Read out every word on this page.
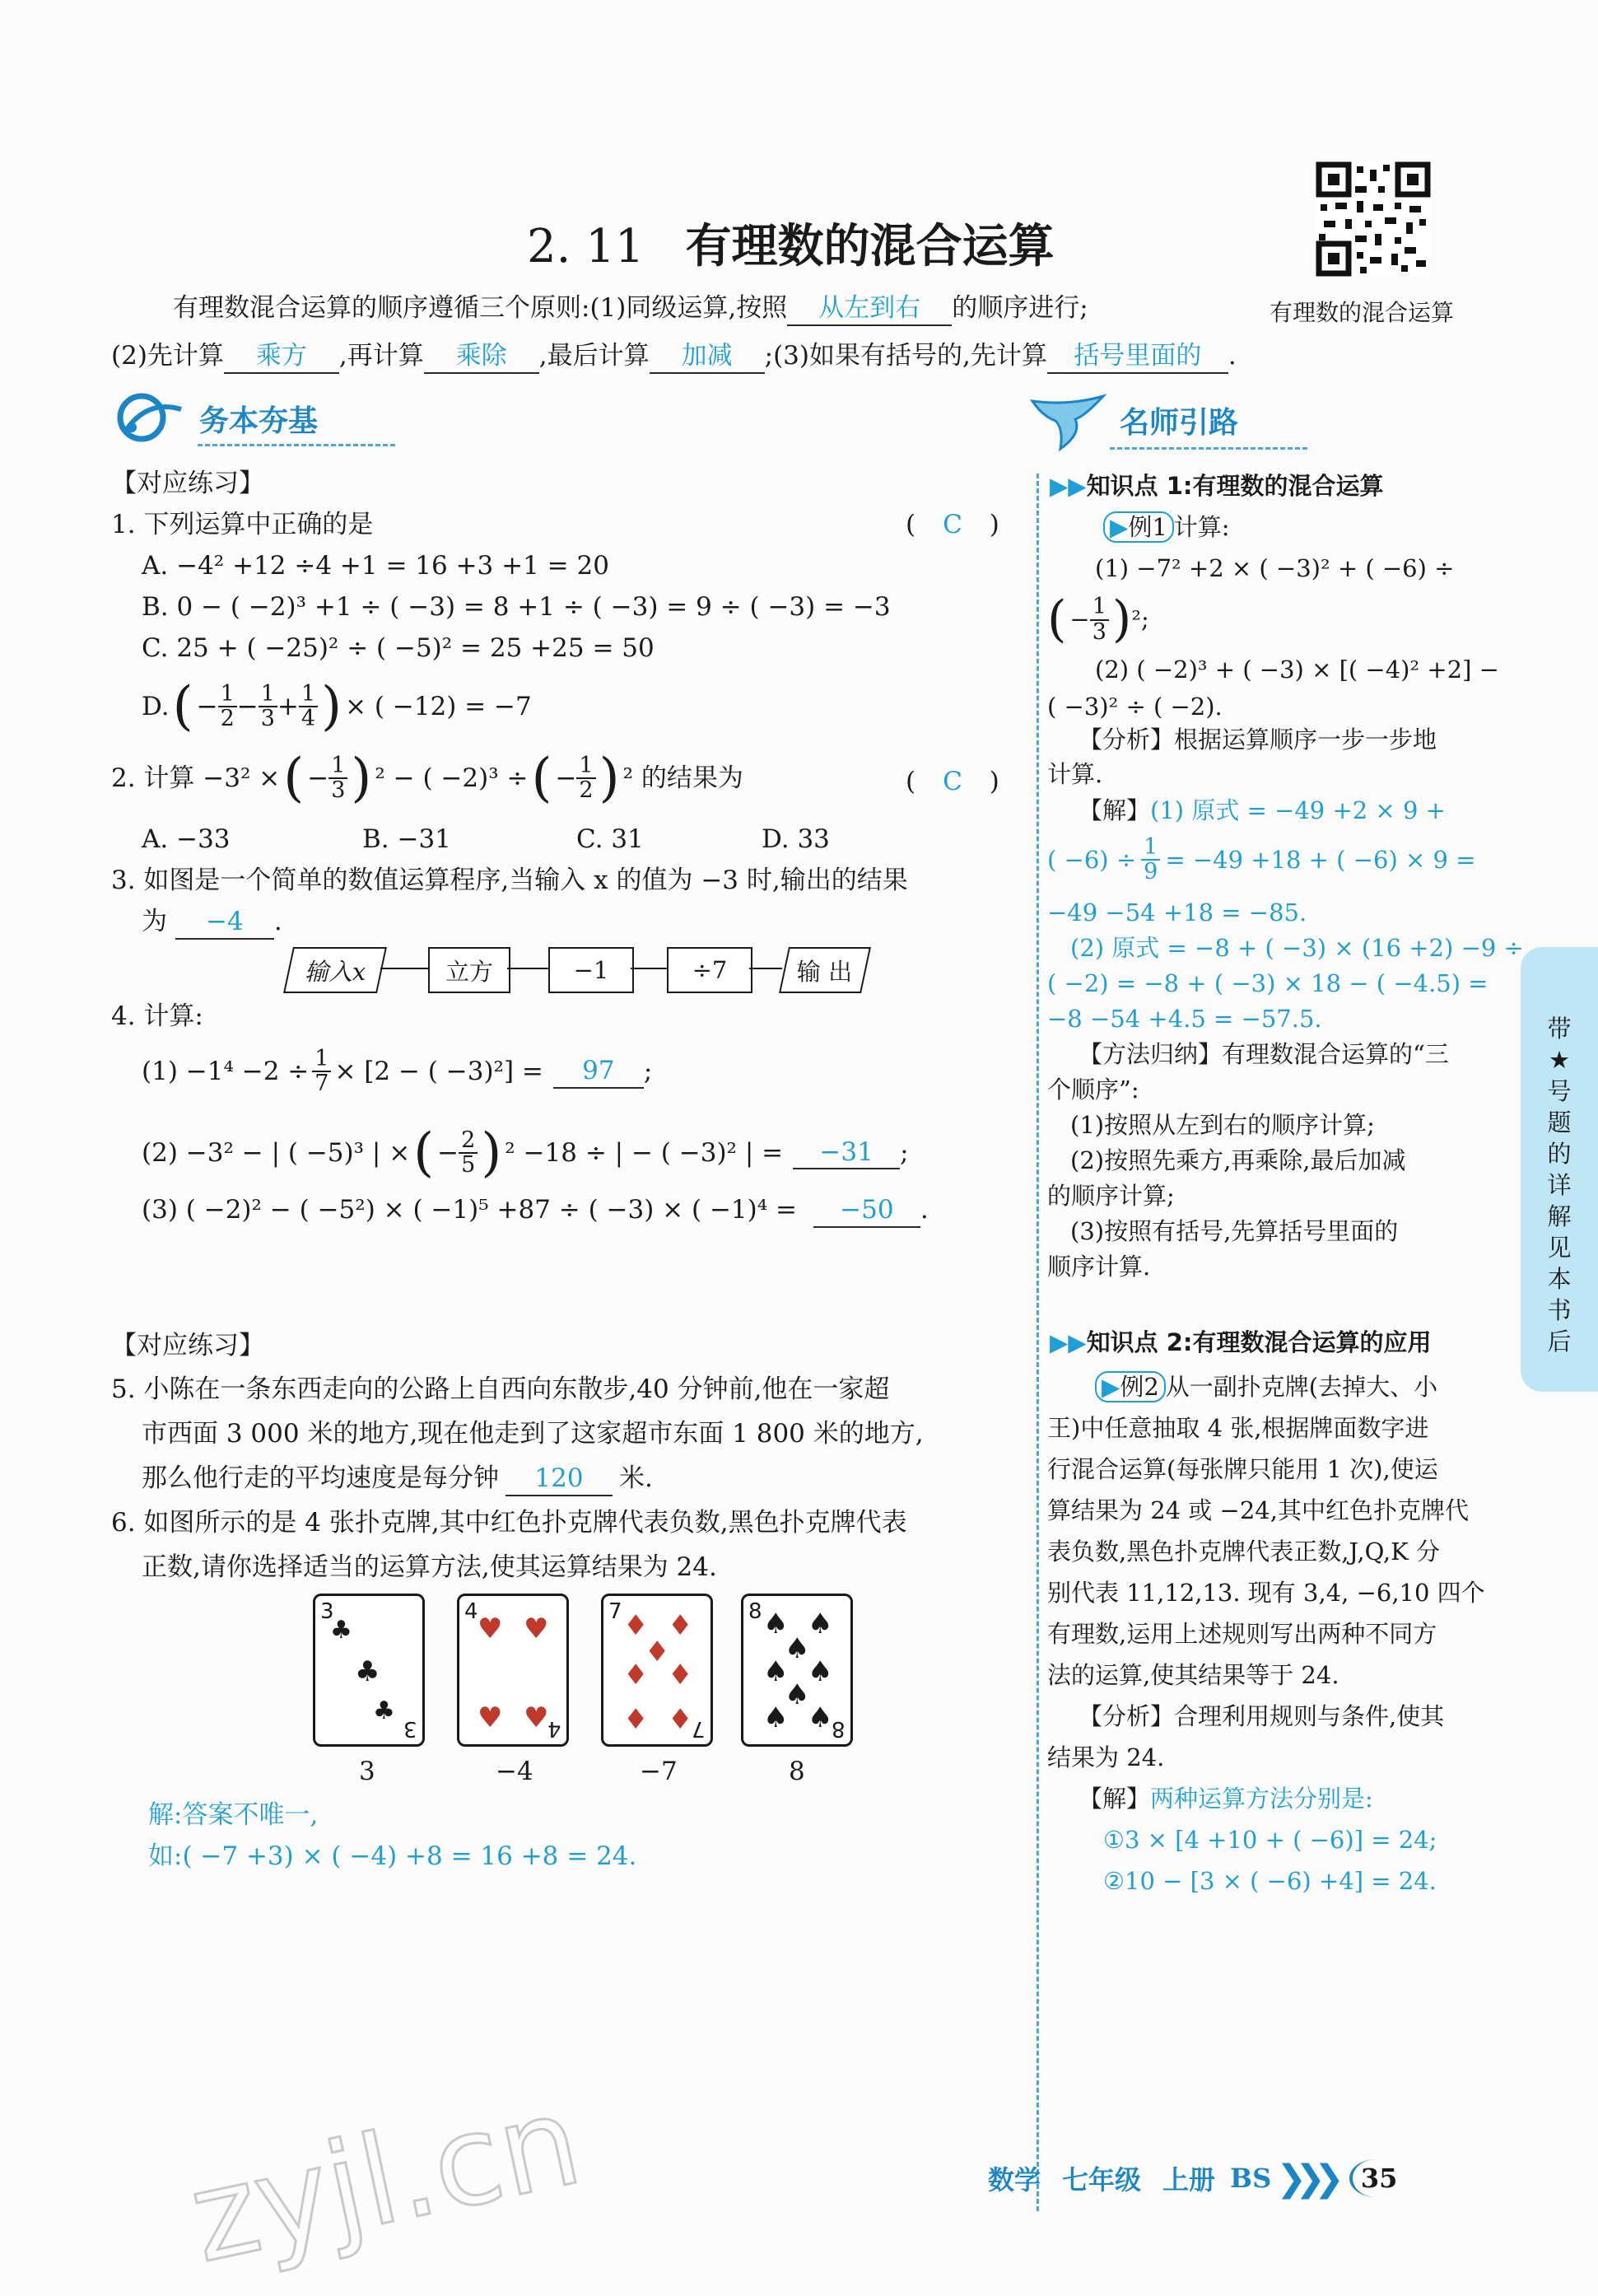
2. 11 有理数的混合运算
有理数混合运算的顺序遵循三个原则:(1)同级运算,按照 从左到右 的顺序进行;	有理数的混合运算
(2)先计算 乘方 ,再计算 乘除 ,最后计算 加减 ;(3)如果有括号的,先计算 括号里面的 .
务本夯基	名师引路
【对应练习】
1. 下列运算中正确的是	( C )
A. −4² +12 ÷4 +1 = 16 +3 +1 = 20
B. 0 − ( −2)³ +1 ÷ ( −3) = 8 +1 ÷ ( −3) = 9 ÷ ( −3) = −3
C. 25 + ( −25)² ÷ ( −5)² = 25 +25 = 50
D. ( − $\frac{1}{2} - \frac{1}{3} + \frac{1}{4}$ ) × ( −12) = −7
2. 计算 −3² × ( − $\frac{1}{3}$ ) ² − ( −2)³ ÷ ( − $\frac{1}{2}$ ) ² 的结果为	( C )
A. −33	B. −31	C. 31	D. 33
3. 如图是一个简单的数值运算程序,当输入 x 的值为 −3 时,输出的结果
为 −4 .
输入x	立方	−1	÷7	输 出
4. 计算:
$(1) -1^4 -2 \div \frac{1}{7} \times [2$ − ( −3)²] =	97	;
(2) −3² − | ( −5)³ | × ( − $\frac{2}{5}$ ) ² −18 ÷ | − ( −3)² | =	−31	;
(3) ( −2)² − ( −5²) × ( −1)⁵ +87 ÷ ( −3) × ( −1)⁴ = −50 .
【对应练习】
5. 小陈在一条东西走向的公路上自西向东散步,40 分钟前,他在一家超
市西面 3 000 米的地方,现在他走到了这家超市东面 1 800 米的地方,
那么他行走的平均速度是每分钟 120 米.
6. 如图所示的是 4 张扑克牌,其中红色扑克牌代表负数,黑色扑克牌代表
正数,请你选择适当的运算方法,使其运算结果为 24.
3
♣
♣
♣
3
4
♥ ♥
♥ ♥
4
7 ♦ ♦
♦
♦ ♦
♦ ♦
7
8 ♠ ♠
♠
♠ ♠
♠
♠ ♠
8
3	−4	−7	8
解:答案不唯一,
如:( −7 +3) × ( −4) +8 = 16 +8 = 24.
▶▶知识点 1:有理数的混合运算
▶例1 计算:
(1) −7² +2 × ( −3)² + ( −6) ÷
( − $\frac{1}{3}$ ) ²;
(2) ( −2)³ + ( −3) × [( −4)² +2] −
( −3)² ÷ ( −2).
【分析】根据运算顺序一步一步地
计算.
【解】(1) 原式 = −49 +2 × 9 +
( $-6) \div \frac{1}{9} = -49 +18$ + ( −6) × 9 =
−49 −54 +18 = −85.
(2) 原式 = −8 + ( −3) × (16 +2) −9 ÷
( −2) = −8 + ( −3) × 18 − ( −4.5) =
−8 −54 +4.5 = −57.5.
【方法归纳】有理数混合运算的“三
个顺序”:
(1)按照从左到右的顺序计算;
(2)按照先乘方,再乘除,最后加减
的顺序计算;
(3)按照有括号,先算括号里面的
顺序计算.
▶▶知识点 2:有理数混合运算的应用
▶例2 从一副扑克牌(去掉大、小
王)中任意抽取 4 张,根据牌面数字进
行混合运算(每张牌只能用 1 次),使运
算结果为 24 或 −24,其中红色扑克牌代
表负数,黑色扑克牌代表正数,J,Q,K 分
别代表 11,12,13. 现有 3,4, −6,10 四个
有理数,运用上述规则写出两种不同方
法的运算,使其结果等于 24.
【分析】合理利用规则与条件,使其
结果为 24.
【解】两种运算方法分别是:
①3 × [4 +10 + ( −6)] = 24;
②10 − [3 × ( −6) +4] = 24.
带
★
号
题
的
详
解
见
本
书
后
zyjl.cn	数学 七年级 上册 BS ❯❯❯	35
